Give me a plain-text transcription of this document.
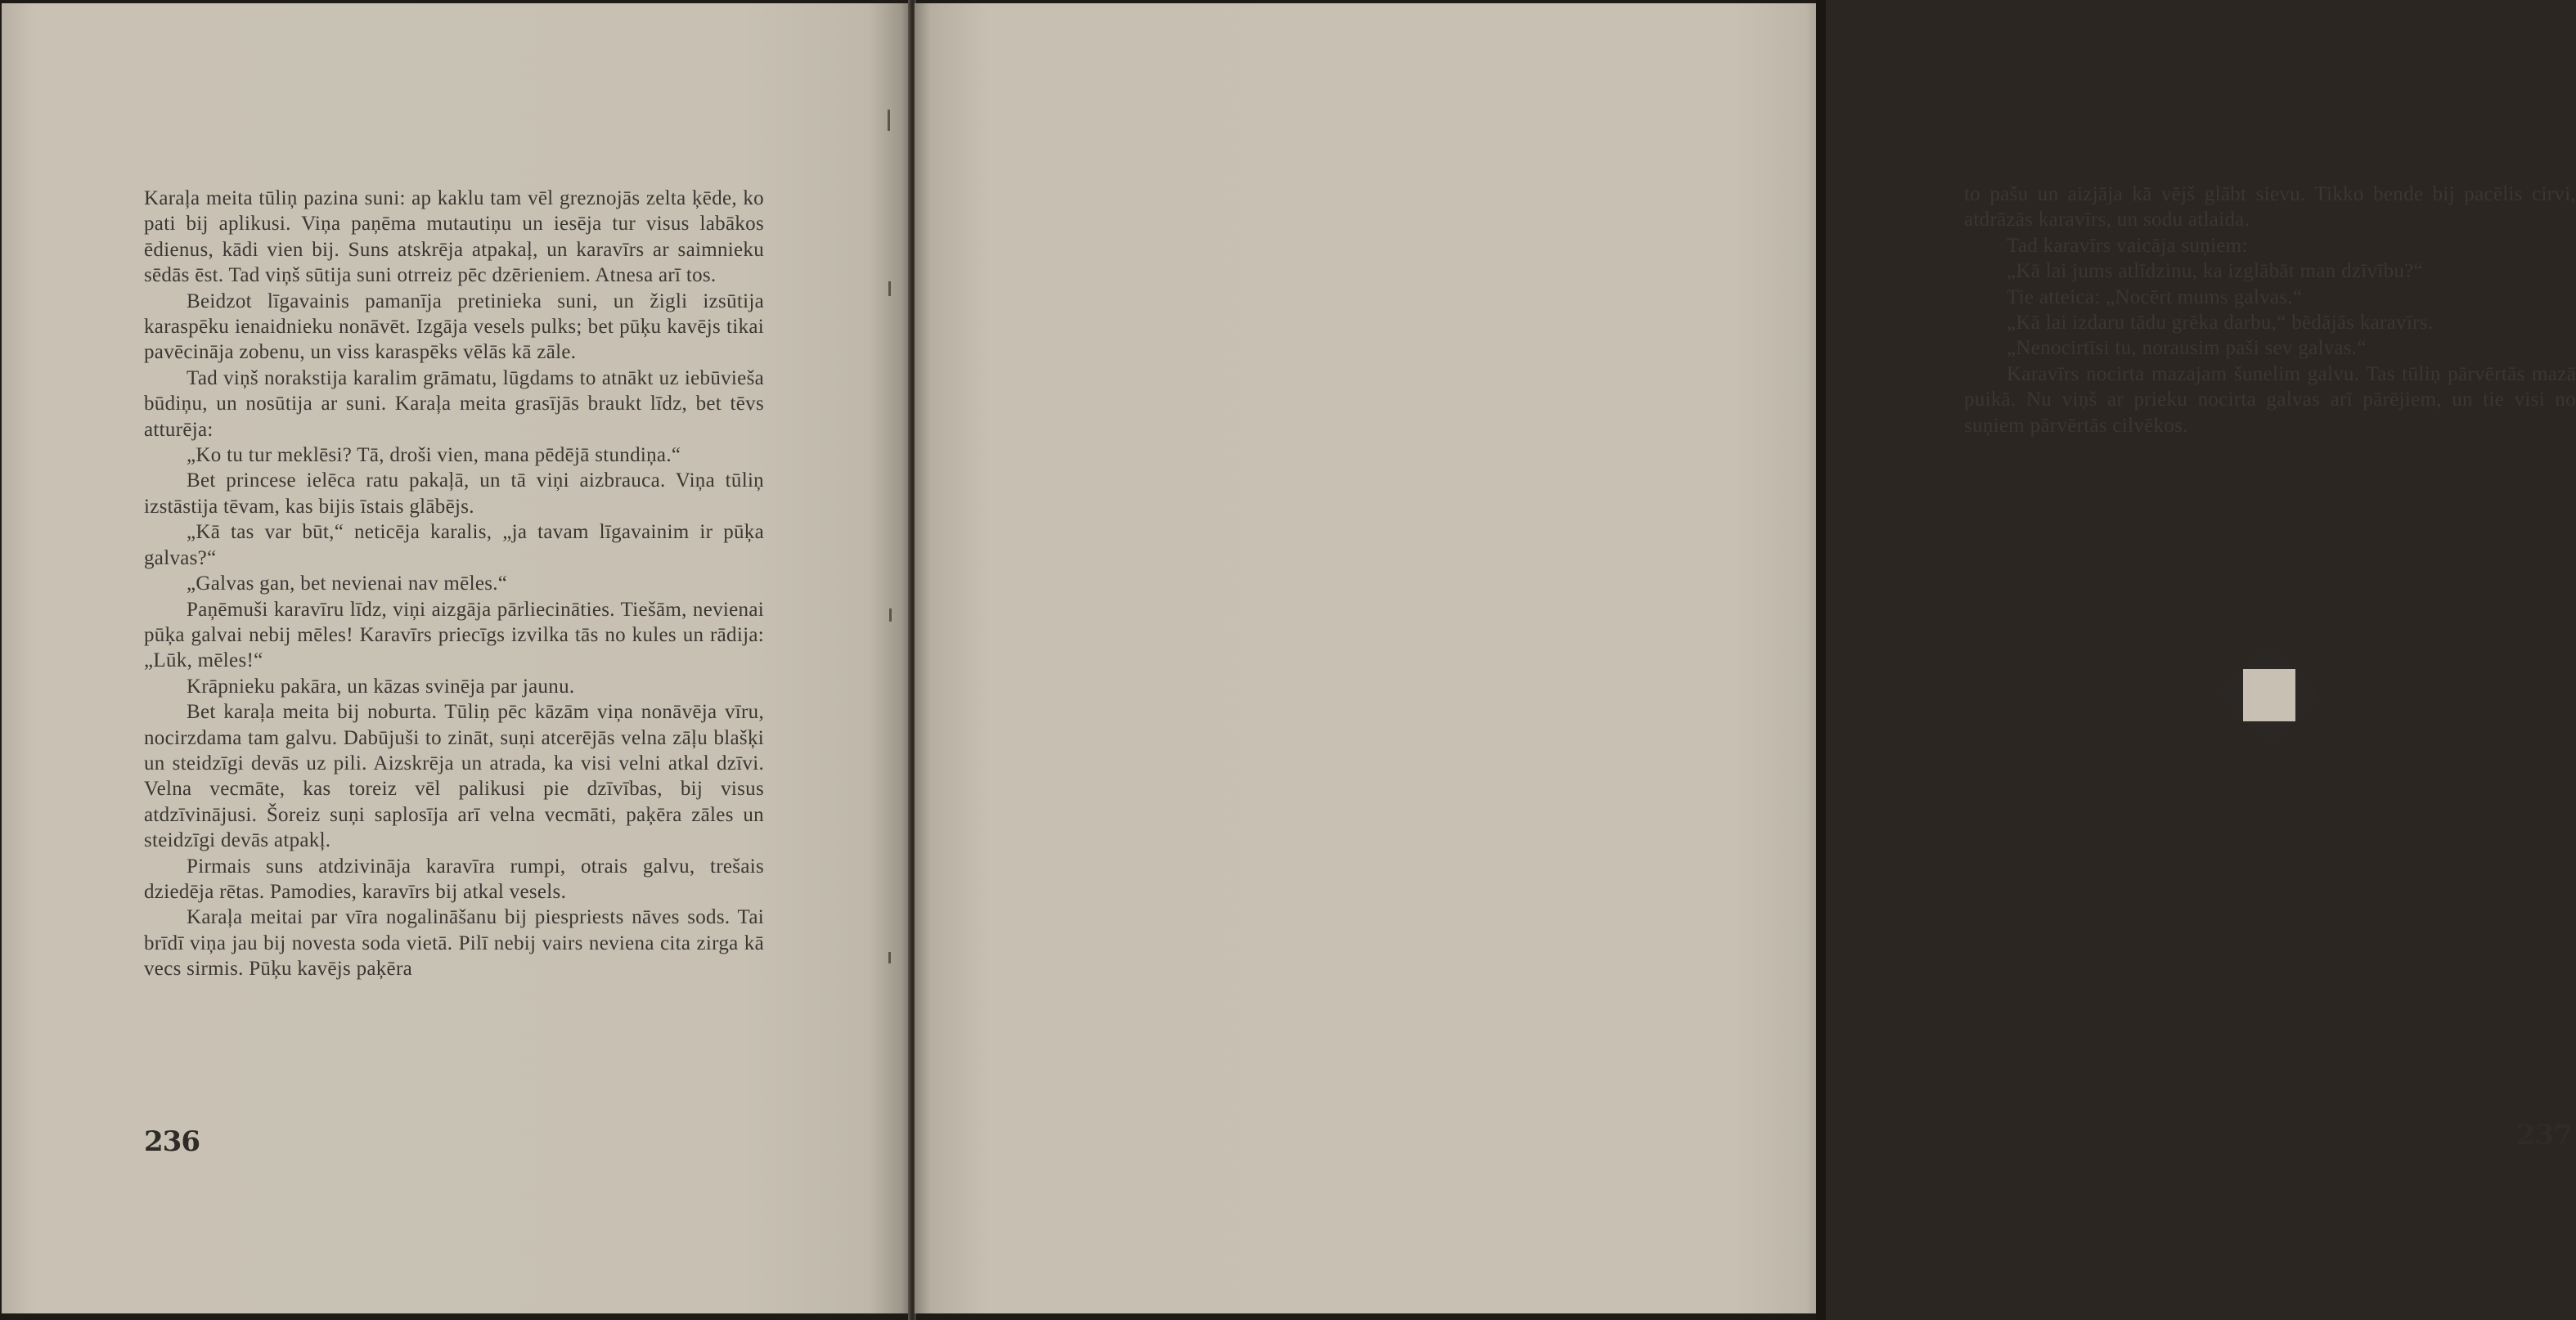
Karaļa meita tūliņ pazina suni: ap kaklu tam vēl greznojās zelta ķēde, ko pati bij aplikusi. Viņa paņēma mutautiņu un iesēja tur visus labākos ēdienus, kādi vien bij. Suns atskrēja atpakaļ, un karavīrs ar saimnieku sēdās ēst. Tad viņš sūtija suni otrreiz pēc dzērieniem. Atnesa arī tos.

Beidzot līgavainis pamanīja pretinieka suni, un žigli izsūtija karaspēku ienaidnieku nonāvēt. Izgāja vesels pulks; bet pūķu kavējs tikai pavēcināja zobenu, un viss karaspēks vēlās kā zāle.

Tad viņš norakstija karalim grāmatu, lūgdams to atnākt uz iebūvieša būdiņu, un nosūtija ar suni. Karaļa meita grasījās braukt līdz, bet tēvs atturēja:

„Ko tu tur meklēsi? Tā, droši vien, mana pēdējā stundiņa.“

Bet princese ielēca ratu pakaļā, un tā viņi aizbrauca. Viņa tūliņ izstāstija tēvam, kas bijis īstais glābējs.

„Kā tas var būt,“ neticēja karalis, „ja tavam līgavainim ir pūķa galvas?“

„Galvas gan, bet nevienai nav mēles.“

Paņēmuši karavīru līdz, viņi aizgāja pārliecināties. Tiešām, nevienai pūķa galvai nebij mēles! Karavīrs priecīgs izvilka tās no kules un rādija: „Lūk, mēles!“

Krāpnieku pakāra, un kāzas svinēja par jaunu.

Bet karaļa meita bij noburta. Tūliņ pēc kāzām viņa nonāvēja vīru, nocirzdama tam galvu. Dabūjuši to zināt, suņi atcerējās velna zāļu blašķi un steidzīgi devās uz pili. Aizskrēja un atrada, ka visi velni atkal dzīvi. Velna vecmāte, kas toreiz vēl palikusi pie dzīvības, bij visus atdzīvinājusi. Šoreiz suņi saplosīja arī velna vecmāti, paķēra zāles un steidzīgi devās atpakļ.

Pirmais suns atdzivināja karavīra rumpi, otrais galvu, trešais dziedēja rētas. Pamodies, karavīrs bij atkal vesels.

Karaļa meitai par vīra nogalināšanu bij piespriests nāves sods. Tai brīdī viņa jau bij novesta soda vietā. Pilī nebij vairs neviena cita zirga kā vecs sirmis. Pūķu kavējs paķēra

236

to pašu un aizjāja kā vējš glābt sievu. Tikko bende bij pacēlis cirvi, atdrāzās karavīrs, un sodu atlaida.

Tad karavīrs vaicāja suņiem:

„Kā lai jums atlīdzinu, ka izglābāt man dzīvību?“

Tie atteica: „Nocērt mums galvas.“

„Kā lai izdaru tādu grēka darbu,“ bēdājās karavīrs.

„Nenocirtīsi tu, norausim paši sev galvas.“

Karavīrs nocirta mazajam šunelim galvu. Tas tūliņ pārvērtās mazā puikā. Nu viņš ar prieku nocirta galvas arī pārējiem, un tie visi no suņiem pārvērtās cilvēkos.

237
